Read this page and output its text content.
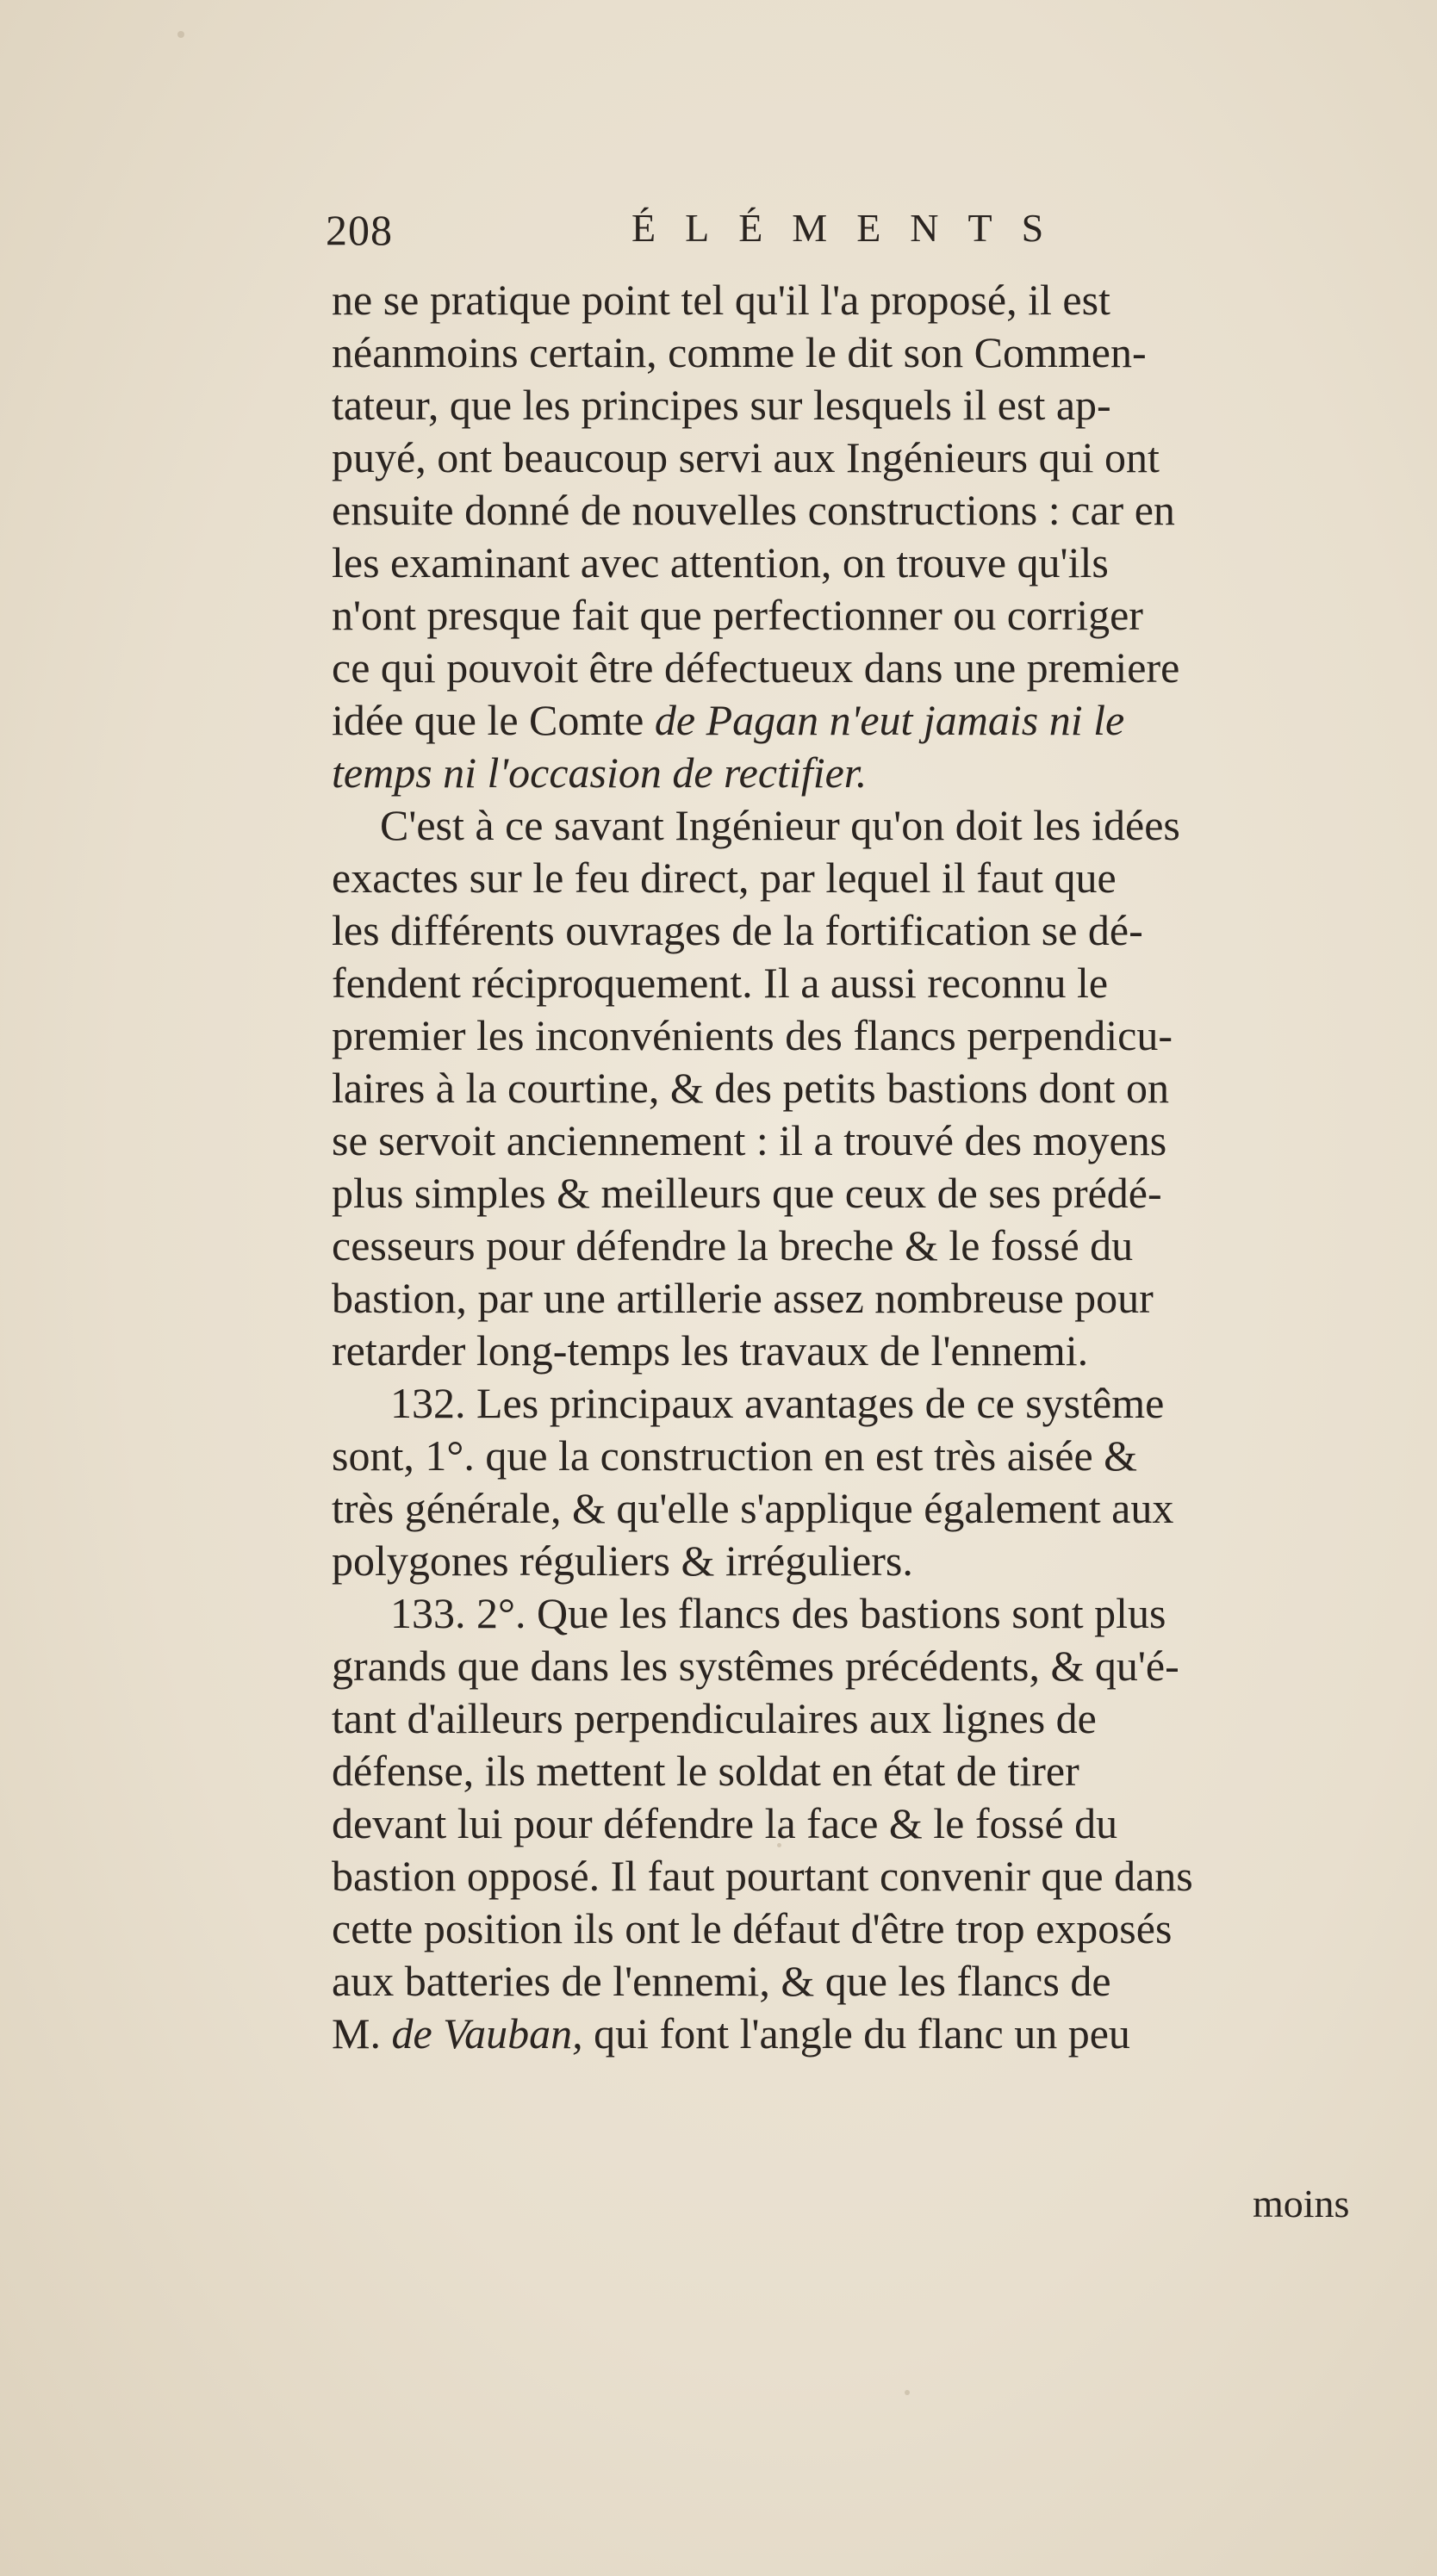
208	ÉLÉMENTS
ne se pratique point tel qu'il l'a proposé, il est
néanmoins certain, comme le dit son Commen-
tateur, que les principes sur lesquels il est ap-
puyé, ont beaucoup servi aux Ingénieurs qui ont
ensuite donné de nouvelles constructions : car en
les examinant avec attention, on trouve qu'ils
n'ont presque fait que perfectionner ou corriger
ce qui pouvoit être défectueux dans une premiere
idée que le Comte de Pagan n'eut jamais ni le
temps ni l'occasion de rectifier.
C'est à ce savant Ingénieur qu'on doit les idées
exactes sur le feu direct, par lequel il faut que
les différents ouvrages de la fortification se dé-
fendent réciproquement. Il a aussi reconnu le
premier les inconvénients des flancs perpendicu-
laires à la courtine, & des petits bastions dont on
se servoit anciennement : il a trouvé des moyens
plus simples & meilleurs que ceux de ses prédé-
cesseurs pour défendre la breche & le fossé du
bastion, par une artillerie assez nombreuse pour
retarder long-temps les travaux de l'ennemi.
132. Les principaux avantages de ce systême
sont, 1°. que la construction en est très aisée &
très générale, & qu'elle s'applique également aux
polygones réguliers & irréguliers.
133. 2°. Que les flancs des bastions sont plus
grands que dans les systêmes précédents, & qu'é-
tant d'ailleurs perpendiculaires aux lignes de
défense, ils mettent le soldat en état de tirer
devant lui pour défendre la face & le fossé du
bastion opposé. Il faut pourtant convenir que dans
cette position ils ont le défaut d'être trop exposés
aux batteries de l'ennemi, & que les flancs de
M. de Vauban, qui font l'angle du flanc un peu
moins
